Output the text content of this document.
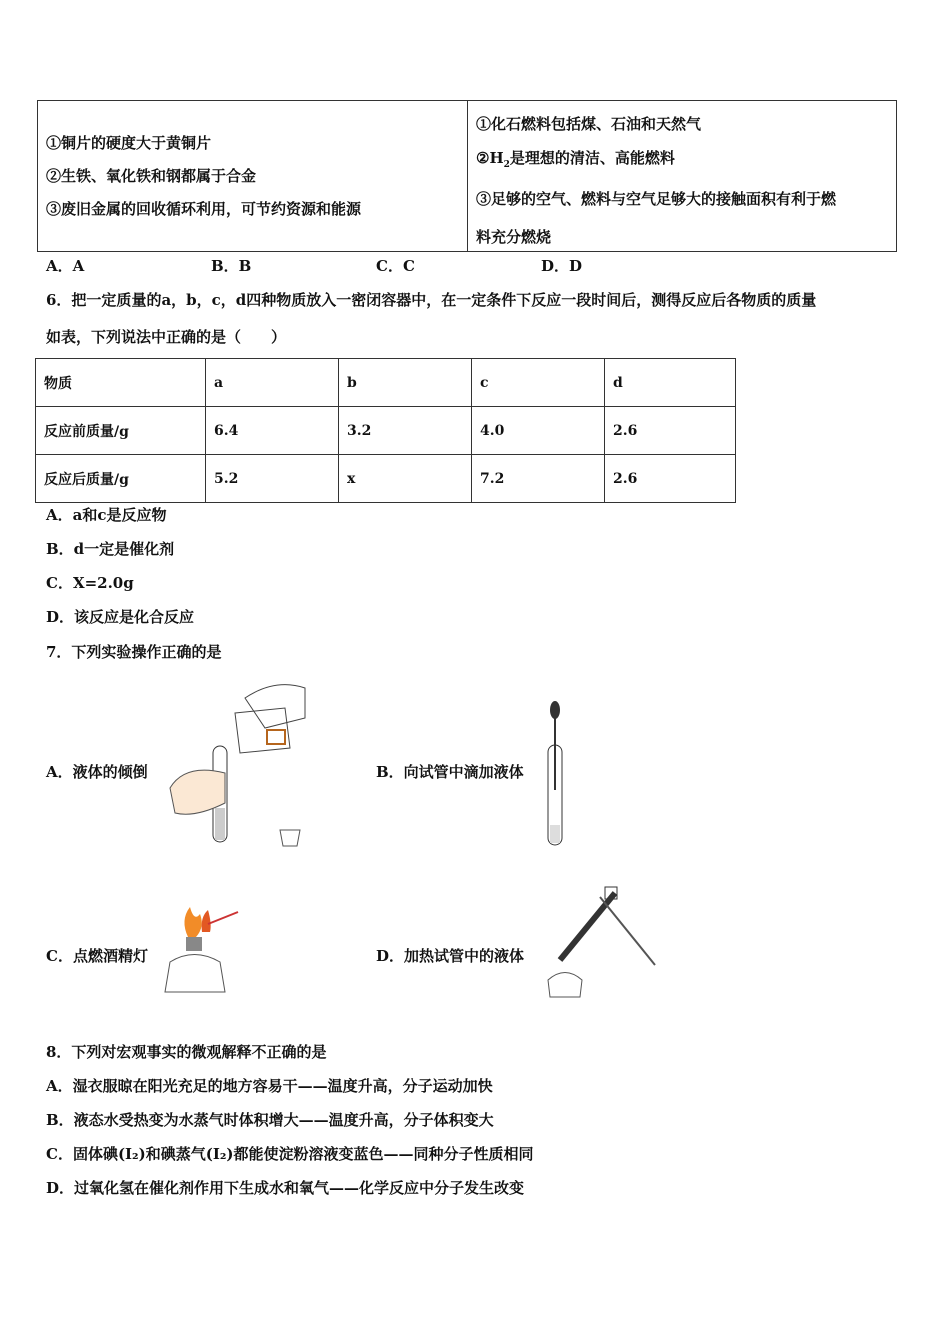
①铜片的硬度大于黄铜片
②生铁、氧化铁和钢都属于合金
③废旧金属的回收循环利用，可节约资源和能源

①化石燃料包括煤、石油和天然气
$②H_2$是理想的清洁、高能燃料
③足够的空气、燃料与空气足够大的接触面积有利于燃
料充分燃烧
A．A	B．B	C．C	D．D
6．把一定质量的a，b，c，d四种物质放入一密闭容器中，在一定条件下反应一段时间后，测得反应后各物质的质量
如表，下列说法中正确的是（　　）
物质	a	b	c	d
反应前质量/g	6.4	3.2	4.0	2.6
反应后质量/g	5.2	x	7.2	2.6
A．a和c是反应物
B．d一定是催化剂
C．X=2.0g
D．该反应是化合反应
7．下列实验操作正确的是
A．液体的倾倒	B．向试管中滴加液体
C．点燃酒精灯	D．加热试管中的液体
8．下列对宏观事实的微观解释不正确的是
A．湿衣服晾在阳光充足的地方容易干——温度升高，分子运动加快
B．液态水受热变为水蒸气时体积增大——温度升高，分子体积变大
C．固体碘(I₂)和碘蒸气(I₂)都能使淀粉溶液变蓝色——同种分子性质相同
D．过氧化氢在催化剂作用下生成水和氧气——化学反应中分子发生改变
